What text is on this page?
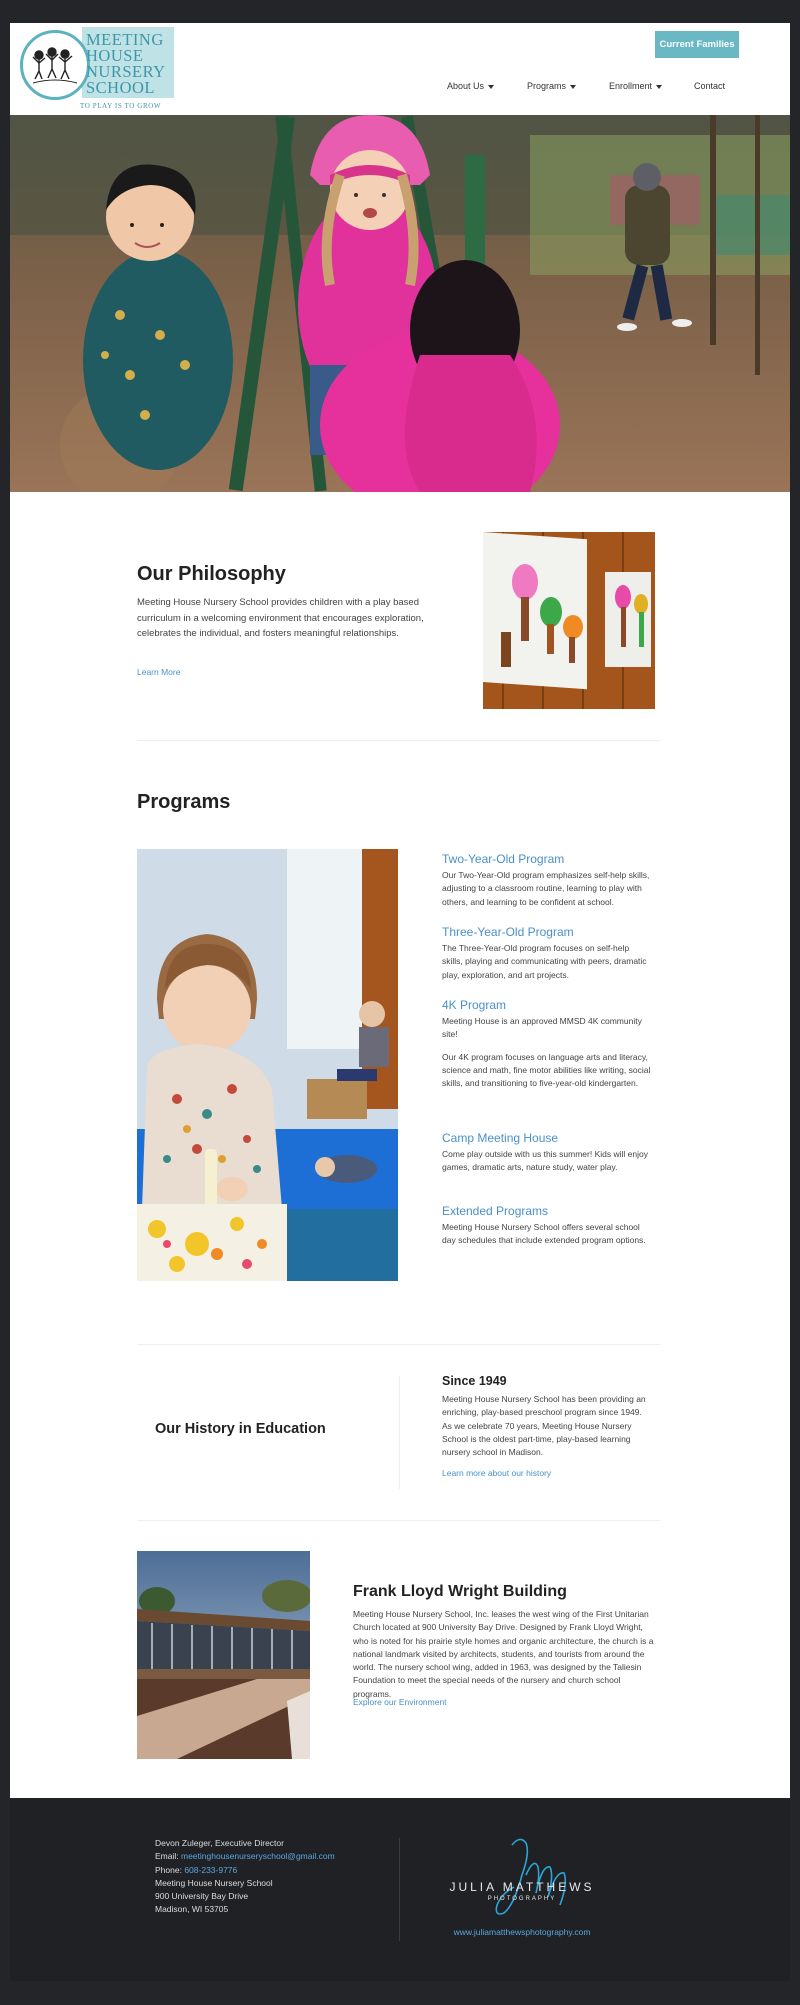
MEETING
HOUSE
NURSERY
SCHOOL
TO PLAY IS TO GROW
Current Families
About Us	Programs	Enrollment	Contact
Our Philosophy

Meeting House Nursery School provides children with a play based curriculum in a welcoming environment that encourages exploration, celebrates the individual, and fosters meaningful relationships.

Learn More
Programs
Two-Year-Old Program

Our Two-Year-Old program emphasizes self-help skills, adjusting to a classroom routine, learning to play with others, and learning to be confident at school.

Three-Year-Old Program

The Three-Year-Old program focuses on self-help skills, playing and communicating with peers, dramatic play, exploration, and art projects.

4K Program

Meeting House is an approved MMSD 4K community site!

Our 4K program focuses on language arts and literacy, science and math, fine motor abilities like writing, social skills, and transitioning to five-year-old kindergarten.

Camp Meeting House

Come play outside with us this summer! Kids will enjoy games, dramatic arts, nature study, water play.

Extended Programs

Meeting House Nursery School offers several school day schedules that include extended program options.

Our History in Education
Since 1949

Meeting House Nursery School has been providing an enriching, play-based preschool program since 1949. As we celebrate 70 years, Meeting House Nursery School is the oldest part-time, play-based learning nursery school in Madison.

Learn more about our history
Frank Lloyd Wright Building

Meeting House Nursery School, Inc. leases the west wing of the First Unitarian Church located at 900 University Bay Drive. Designed by Frank Lloyd Wright, who is noted for his prairie style homes and organic architecture, the church is a national landmark visited by architects, students, and tourists from around the world. The nursery school wing, added in 1963, was designed by the Taliesin Foundation to meet the special needs of the nursery and church school programs.

Explore our Environment
Devon Zuleger, Executive Director
Email: meetinghousenurseryschool@gmail.com
Phone: 608-233-9776
Meeting House Nursery School
900 University Bay Drive
Madison, WI 53705
JULIA MATTHEWS
PHOTOGRAPHY
www.juliamatthewsphotography.com
